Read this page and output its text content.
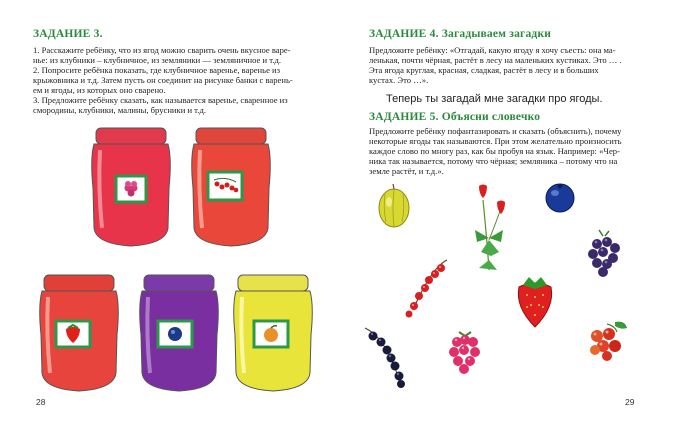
ЗАДАНИЕ 3.
1. Расскажите ребёнку, что из ягод можно сварить очень вкусное варе-
нье: из клубники – клубничное, из земляники — земляничное и т.д.
2. Попросите ребёнка показать, где клубничное варенье, варенье из
крыжовника и т.д. Затем пусть он соединит на рисунке банки с варень-
ем и ягоды, из которых оно сварено.
3. Предложите ребёнку сказать, как называется варенье, сваренное из
смородины, клубники, малины, брусники и т.д.
28
ЗАДАНИЕ 4. Загадываем загадки
Предложите ребёнку: «Отгадай, какую ягоду я хочу съесть: она ма-
ленькая, почти чёрная, растёт в лесу на маленьких кустиках. Это … .
Эта ягода круглая, красная, сладкая, растёт в лесу и в больших
кустах. Это …».
Теперь ты загадай мне загадки про ягоды.
ЗАДАНИЕ 5. Объясни словечко
Предложите ребёнку пофантазировать и сказать (объяснить), почему
некоторые ягоды так называются. При этом желательно произносить
каждое слово по многу раз, как бы пробуя на язык. Например: «Чер-
ника так называется, потому что чёрная; земляника – потому что на
земле растёт, и т.д.».
29
